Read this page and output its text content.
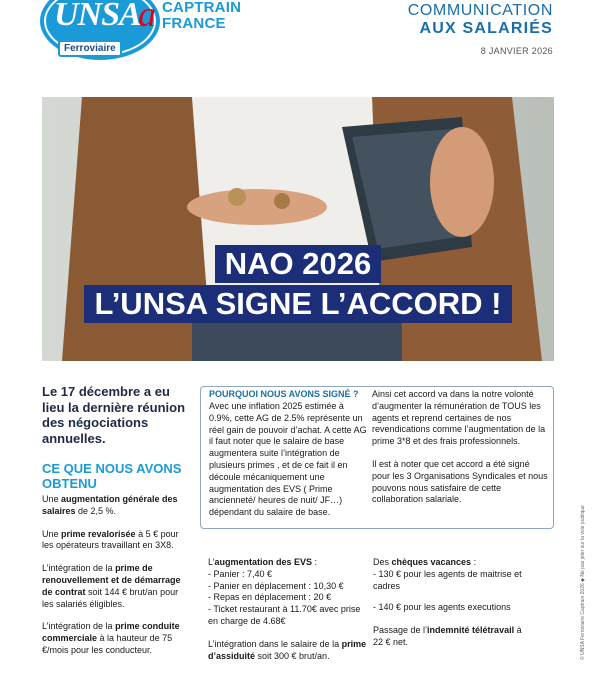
UNSA
Ferroviaire
a CAPTRAIN
FRANCE
COMMUNICATION
AUX SALARIÉS
8 JANVIER 2026
NAO 2026
L’UNSA SIGNE L’ACCORD !
Le 17 décembre a eu lieu la dernière réunion des négociations annuelles.
CE QUE NOUS AVONS OBTENU

Une augmentation générale des salaires de 2,5 %.

Une prime revalorisée à 5 € pour les opérateurs travaillant en 3X8.

L’intégration de la prime de renouvellement et de démarrage de contrat soit 144 € brut/an pour les salariés éligibles.

L’intégration de la prime conduite commerciale à la hauteur de 75 €/mois pour les conducteur.

POURQUOI NOUS AVONS SIGNÉ ?
Avec une inflation 2025 estimée à 0.9%, cette AG de 2.5% représente un réel gain de pouvoir d’achat. A cette AG il faut noter que le salaire de base augmentera suite l’intégration de plusieurs primes , et de ce fait il en découle mécaniquement une augmentation des EVS ( Prime ancienneté/ heures de nuit/ JF…) dépendant du salaire de base.

Ainsi cet accord va dans la notre volonté d’augmenter la rémunération de TOUS les agents et reprend certaines de nos revendications comme l’augmentation de la prime 3*8 et des frais professionnels.

Il est à noter que cet accord a été signé pour les 3 Organisations Syndicales et nous pouvons nous satisfaire de cette collaboration salariale.

L’augmentation des EVS :
- Panier : 7,40 €
- Panier en déplacement : 10,30 €
- Repas en déplacement : 20 €

- Ticket restaurant à 11.70€ avec prise en charge de 4.68€

L’intégration dans le salaire de la prime d’assiduité soit 300 € brut/an.

Des chèques vacances :

- 130 € pour les agents de maitrise et cadres

- 140 € pour les agents executions

Passage de l’indemnité télétravail à 22 € net.	© UNSA Ferroviaire Captrain 2026 ◆ Ne pas jeter sur la voie publique
